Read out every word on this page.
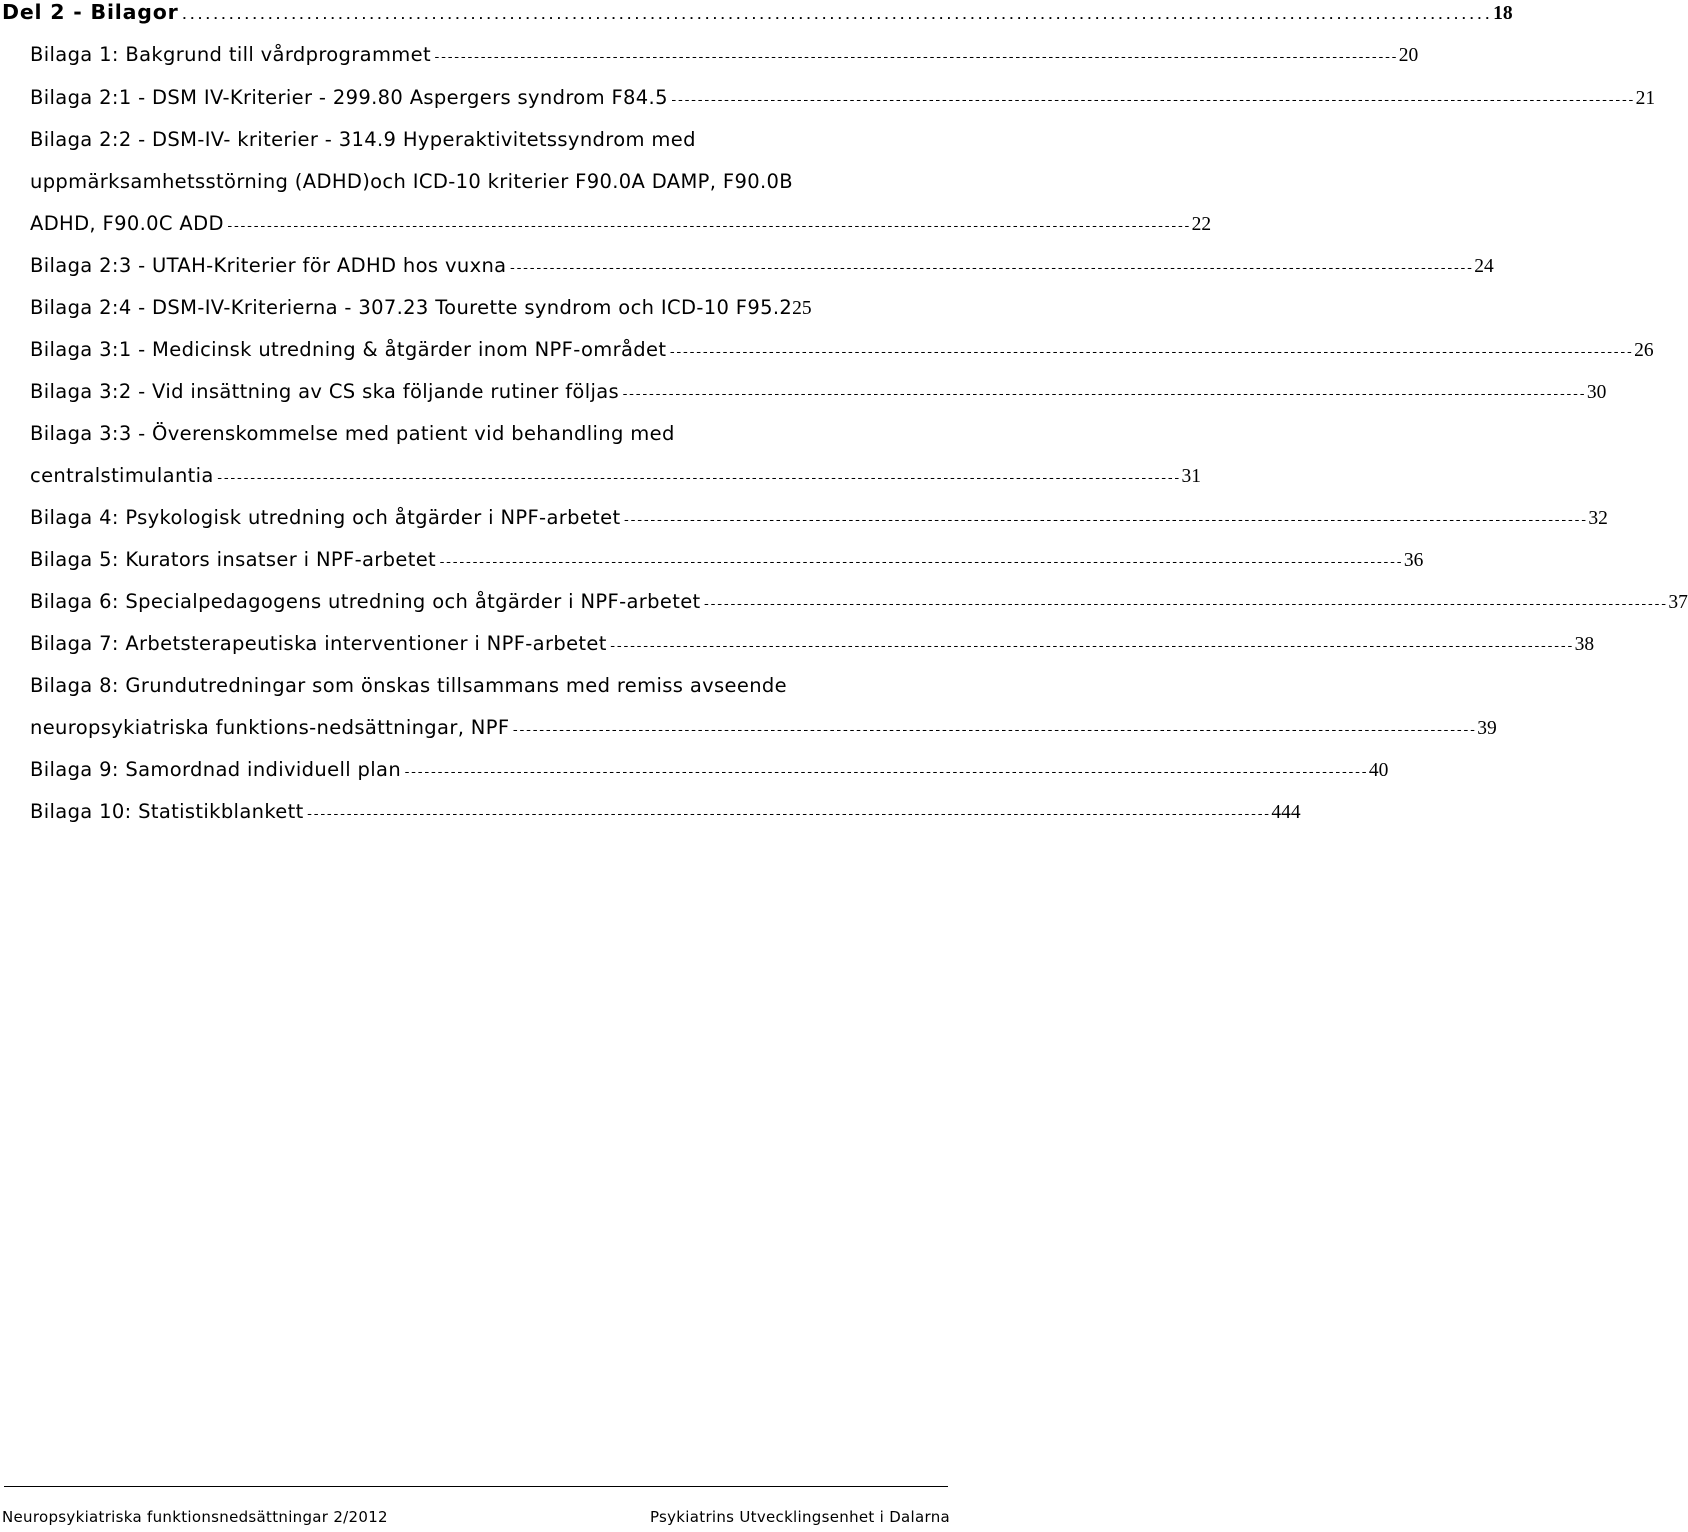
Del 2 - Bilagor ........................................................................................................................................................................ 18
Bilaga 1: Bakgrund till vårdprogrammet -------------------------------------------------------------------------------------------------------------------------------------------------- 20
Bilaga 2:1 - DSM IV-Kriterier - 299.80 Aspergers syndrom F84.5 -------------------------------------------------------------------------------------------------------------------------------------------------- 21
Bilaga 2:2 - DSM-IV- kriterier - 314.9 Hyperaktivitetssyndrom med
uppmärksamhetsstörning (ADHD)och ICD-10 kriterier F90.0A DAMP, F90.0B
ADHD, F90.0C ADD -------------------------------------------------------------------------------------------------------------------------------------------------- 22
Bilaga 2:3 - UTAH-Kriterier för ADHD hos vuxna -------------------------------------------------------------------------------------------------------------------------------------------------- 24
Bilaga 2:4 - DSM-IV-Kriterierna - 307.23 Tourette syndrom och ICD-10 F95.2 25
Bilaga 3:1 - Medicinsk utredning & åtgärder inom NPF-området -------------------------------------------------------------------------------------------------------------------------------------------------- 26
Bilaga 3:2 - Vid insättning av CS ska följande rutiner följas -------------------------------------------------------------------------------------------------------------------------------------------------- 30
Bilaga 3:3 - Överenskommelse med patient vid behandling med
centralstimulantia -------------------------------------------------------------------------------------------------------------------------------------------------- 31
Bilaga 4: Psykologisk utredning och åtgärder i NPF-arbetet -------------------------------------------------------------------------------------------------------------------------------------------------- 32
Bilaga 5: Kurators insatser i NPF-arbetet -------------------------------------------------------------------------------------------------------------------------------------------------- 36
Bilaga 6: Specialpedagogens utredning och åtgärder i NPF-arbetet -------------------------------------------------------------------------------------------------------------------------------------------------- 37
Bilaga 7: Arbetsterapeutiska interventioner i NPF-arbetet -------------------------------------------------------------------------------------------------------------------------------------------------- 38
Bilaga 8: Grundutredningar som önskas tillsammans med remiss avseende
neuropsykiatriska funktions-nedsättningar, NPF -------------------------------------------------------------------------------------------------------------------------------------------------- 39
Bilaga 9: Samordnad individuell plan -------------------------------------------------------------------------------------------------------------------------------------------------- 40
Bilaga 10: Statistikblankett -------------------------------------------------------------------------------------------------------------------------------------------------- 444
Neuropsykiatriska funktionsnedsättningar 2/2012	Psykiatrins Utvecklingsenhet i Dalarna
